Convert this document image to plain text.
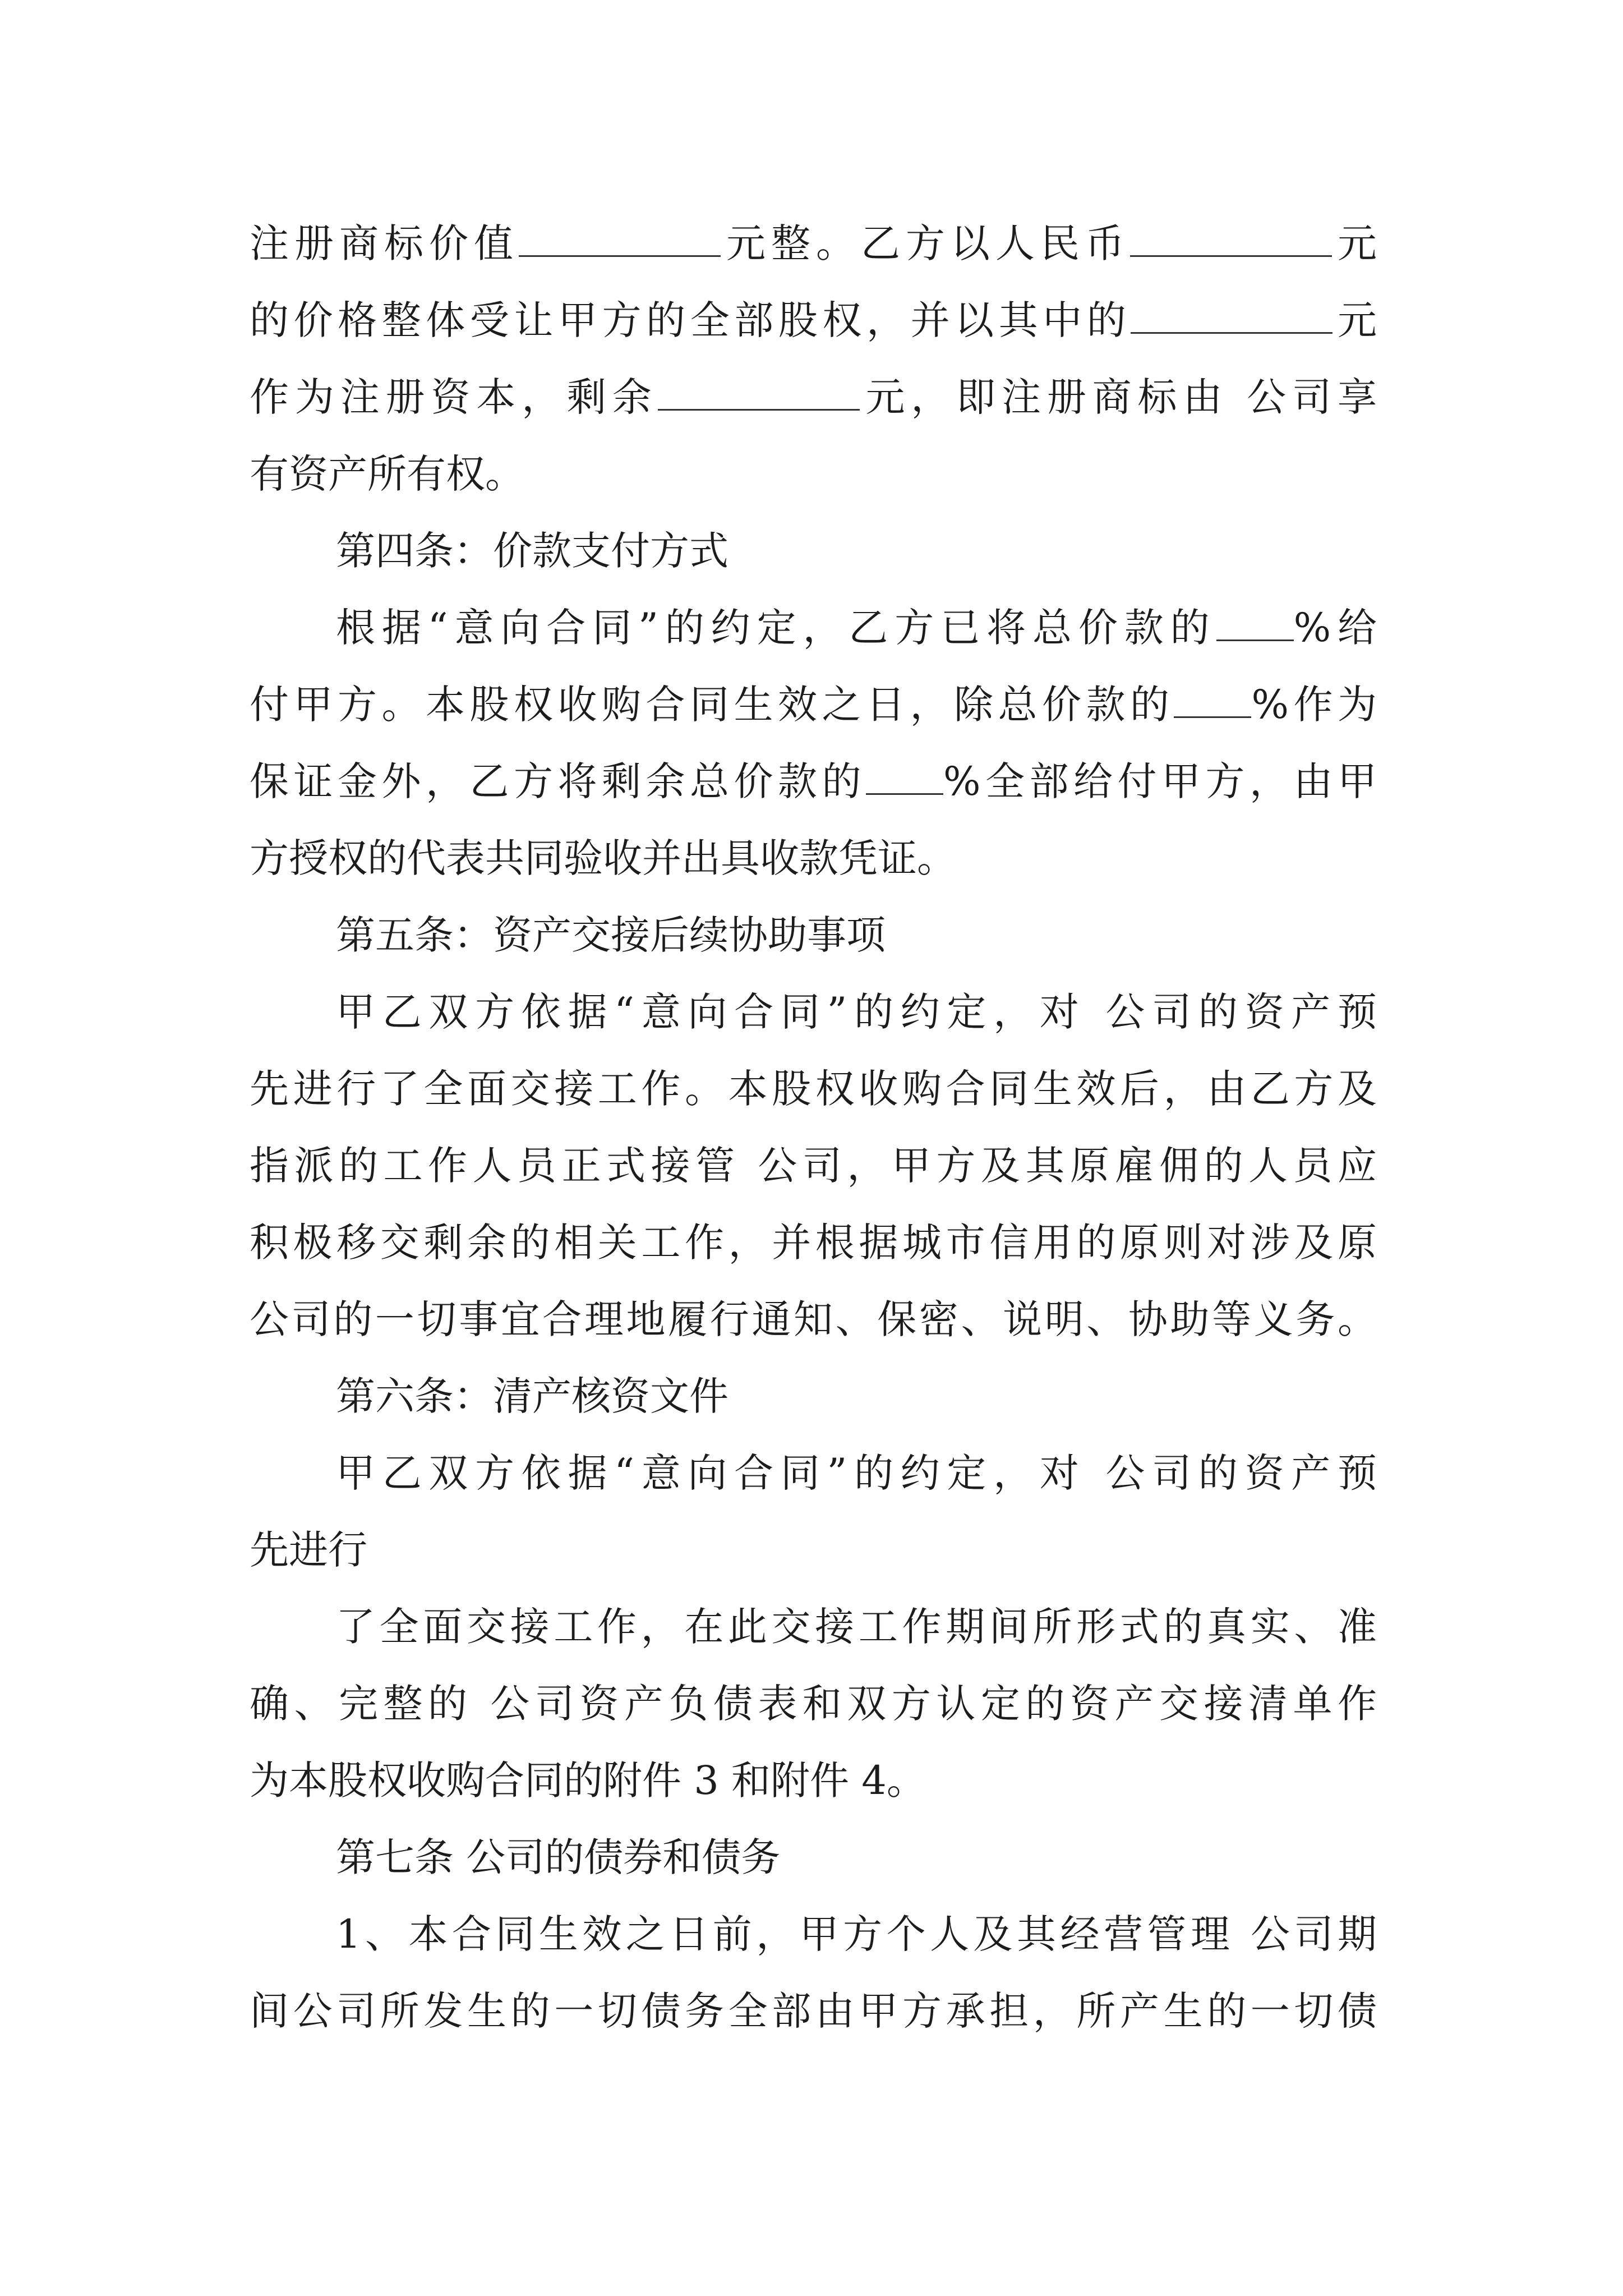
注册商标价值	元整。乙方以人民币	元

的价格整体受让甲方的全部股权，并以其中的	元

作为注册资本，剩余	元，即注册商标由 公司享

有资产所有权。

第四条：价款支付方式

根据“意向合同”的约定，乙方已将总价款的 %给

付甲方。本股权收购合同生效之日，除总价款的 %作为

保证金外，乙方将剩余总价款的 %全部给付甲方，由甲

方授权的代表共同验收并出具收款凭证。

第五条：资产交接后续协助事项

甲乙双方依据“意向合同”的约定，对 公司的资产预

先进行了全面交接工作。本股权收购合同生效后，由乙方及

指派的工作人员正式接管 公司，甲方及其原雇佣的人员应

积极移交剩余的相关工作，并根据城市信用的原则对涉及原

公司的一切事宜合理地履行通知、保密、说明、协助等义务。

第六条：清产核资文件

甲乙双方依据“意向合同”的约定，对 公司的资产预

先进行

了全面交接工作，在此交接工作期间所形式的真实、准

确、完整的 公司资产负债表和双方认定的资产交接清单作

为本股权收购合同的附件 3 和附件 4。

第七条 公司的债券和债务

1、本合同生效之日前，甲方个人及其经营管理 公司期

间公司所发生的一切债务全部由甲方承担，所产生的一切债
